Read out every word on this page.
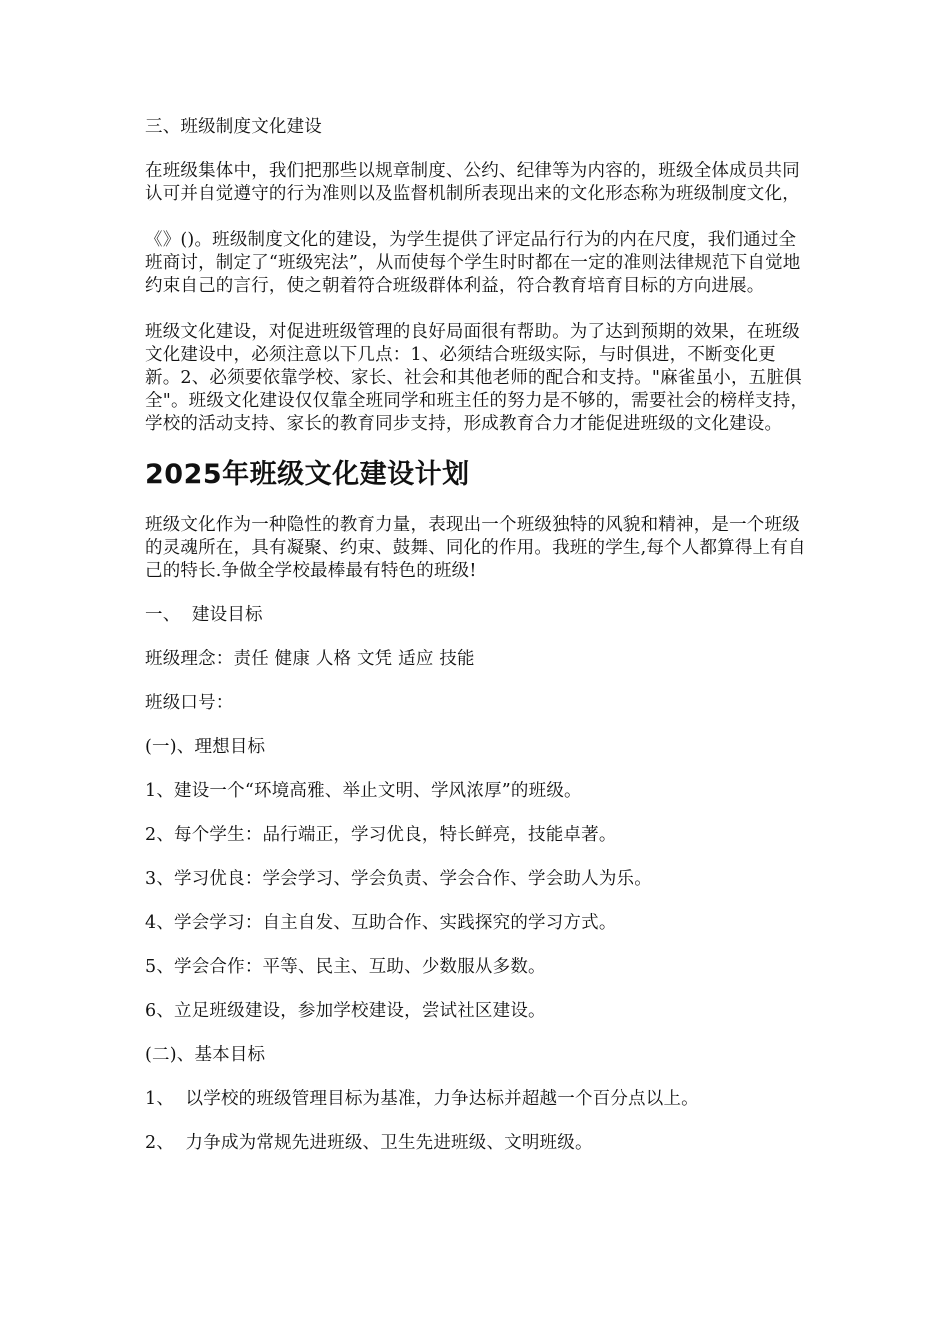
三、班级制度文化建设

在班级集体中，我们把那些以规章制度、公约、纪律等为内容的，班级全体成员共同认可并自觉遵守的行为准则以及监督机制所表现出来的文化形态称为班级制度文化，

《》()。班级制度文化的建设，为学生提供了评定品行行为的内在尺度，我们通过全班商讨，制定了“班级宪法”，从而使每个学生时时都在一定的准则法律规范下自觉地约束自己的言行，使之朝着符合班级群体利益，符合教育培育目标的方向进展。

班级文化建设，对促进班级管理的良好局面很有帮助。为了达到预期的效果，在班级文化建设中，必须注意以下几点：1、必须结合班级实际，与时俱进，不断变化更新。2、必须要依靠学校、家长、社会和其他老师的配合和支持。"麻雀虽小，五脏俱全"。班级文化建设仅仅靠全班同学和班主任的努力是不够的，需要社会的榜样支持，学校的活动支持、家长的教育同步支持，形成教育合力才能促进班级的文化建设。

2025年班级文化建设计划

班级文化作为一种隐性的教育力量，表现出一个班级独特的风貌和精神，是一个班级的灵魂所在，具有凝聚、约束、鼓舞、同化的作用。我班的学生,每个人都算得上有自己的特长.争做全学校最棒最有特色的班级!

一、  建设目标

班级理念：责任 健康 人格 文凭 适应 技能

班级口号：

(一)、理想目标

1、建设一个“环境高雅、举止文明、学风浓厚”的班级。

2、每个学生：品行端正，学习优良，特长鲜亮，技能卓著。

3、学习优良：学会学习、学会负责、学会合作、学会助人为乐。

4、学会学习：自主自发、互助合作、实践探究的学习方式。

5、学会合作：平等、民主、互助、少数服从多数。

6、立足班级建设，参加学校建设，尝试社区建设。

(二)、基本目标

1、  以学校的班级管理目标为基准，力争达标并超越一个百分点以上。

2、  力争成为常规先进班级、卫生先进班级、文明班级。
